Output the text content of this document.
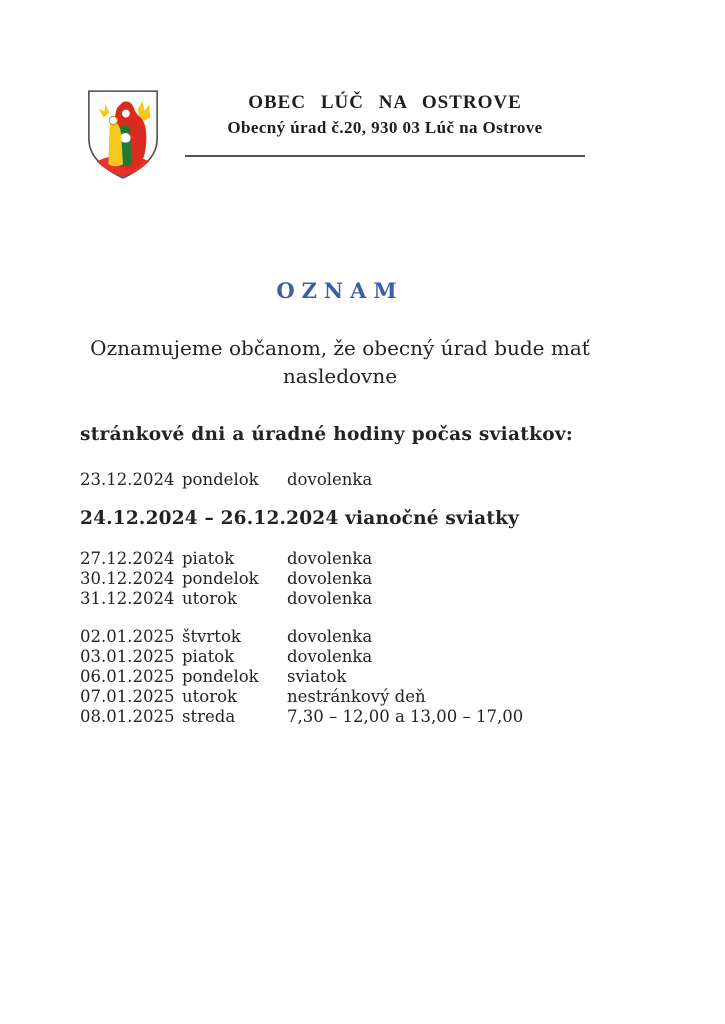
OBEC LÚČ NA OSTROVE
Obecný úrad č.20, 930 03 Lúč na Ostrove
OZNAM

Oznamujeme občanom, že obecný úrad bude mať nasledovne

stránkové dni a úradné hodiny počas sviatkov:
23.12.2024 pondelok	dovolenka
24.12.2024 – 26.12.2024 vianočné sviatky
27.12.2024 piatok	dovolenka
30.12.2024 pondelok	dovolenka
31.12.2024 utorok	dovolenka
02.01.2025 štvrtok	dovolenka
03.01.2025 piatok	dovolenka
06.01.2025 pondelok	sviatok
07.01.2025 utorok	nestránkový deň
08.01.2025 streda	7,30 – 12,00 a 13,00 – 17,00
